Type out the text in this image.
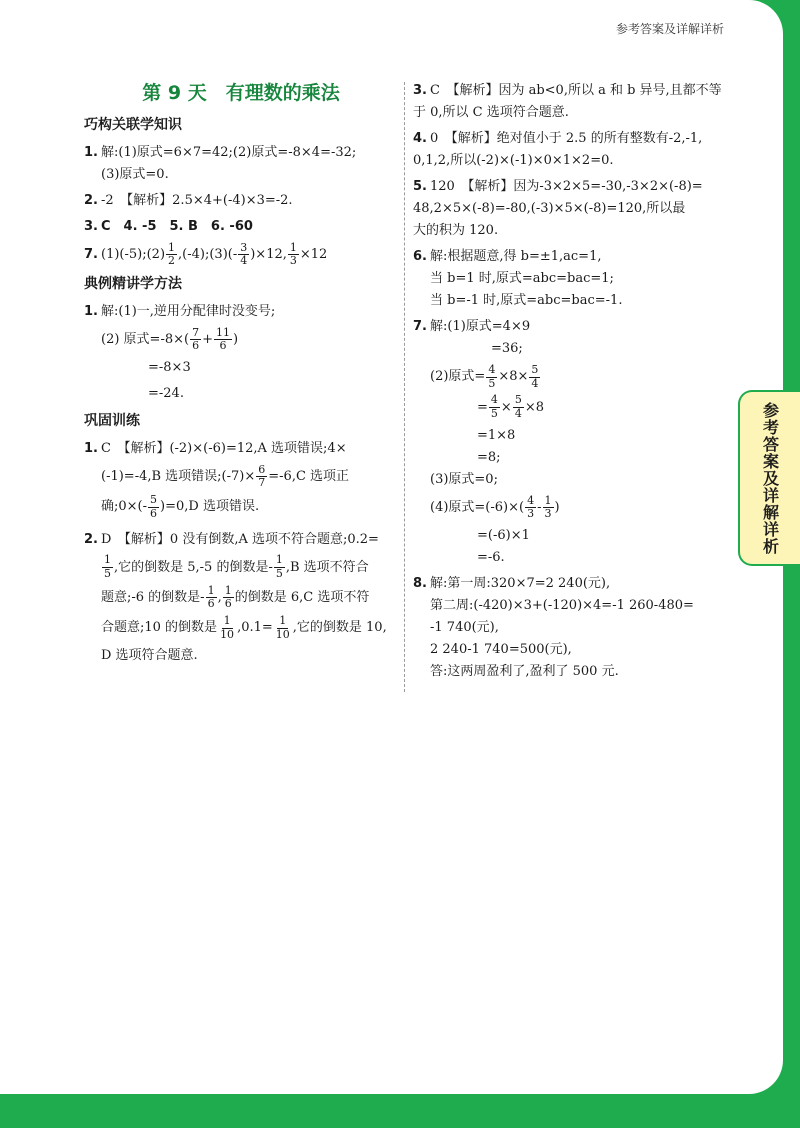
参考答案及详解详析
参考答案及详解详析
第 9 天　有理数的乘法
巧构关联学知识
1. 解:(1)原式=6×7=42;(2)原式=-8×4=-32;
(3)原式=0.
2. -2　【解析】2.5×4+(-4)×3=-2.
3. C　4. -5　5. B　6. -60
7. (1)(-5);(2) $\frac{1}{2}$ ,(-4);(3)(- $\frac{3}{4} )\times 12$, $\frac{1}{3} \times 12$
典例精讲学方法
1. 解:(1)一,逆用分配律时没变号;
(2) 原式$=-8\times( \frac{7}{6} + \frac{11}{6}$ )
=-8×3
=-24.
巩固训练
1. C　【解析】(-2)×(-6)=12,A 选项错误;4×
(-1)=-4,B 选项错误;(-7)× $\frac{6}{7} =-6,C$ 选项正
确;0×(- $\frac{5}{6} )=0,D$ 选项错误.
2. D　【解析】0 没有倒数,A 选项不符合题意;0.2=
$\frac{1}{5}$ ,它的倒数是 5,-5 的倒数是- $\frac{1}{5} ,B$ 选项不符合
题意;-6 的倒数是- $\frac{1}{6}$ , $\frac{1}{6}$ 的倒数是 6,C 选项不符
合题意;10 的倒数是 $\frac{1}{10} ,0.1= \frac{1}{10}$ ,它的倒数是 10,
D 选项符合题意.
3. C　【解析】因为 ab<0,所以 a 和 b 异号,且都不等
于 0,所以 C 选项符合题意.
4. 0　【解析】绝对值小于 2.5 的所有整数有-2,-1,
0,1,2,所以(-2)×(-1)×0×1×2=0.
5. 120　【解析】因为-3×2×5=-30,-3×2×(-8)=
48,2×5×(-8)=-80,(-3)×5×(-8)=120,所以最
大的积为 120.
6. 解:根据题意,得 b=±1,ac=1,
当 b=1 时,原式=abc=bac=1;
当 b=-1 时,原式=abc=bac=-1.
7. 解:(1)原式=4×9
=36;
(2)原式= $\frac{4}{5} \times 8\times \frac{5}{4}$
= $\frac{4}{5} \times \frac{5}{4} \times 8$
=1×8
=8;
(3)原式=0;
(4)原式$=(-6)\times( \frac{4}{3} - \frac{1}{3}$ )
=(-6)×1
=-6.
8. 解:第一周:320×7=2 240(元),
第二周:(-420)×3+(-120)×4=-1 260-480=
-1 740(元),
2 240-1 740=500(元),
答:这两周盈利了,盈利了 500 元.
